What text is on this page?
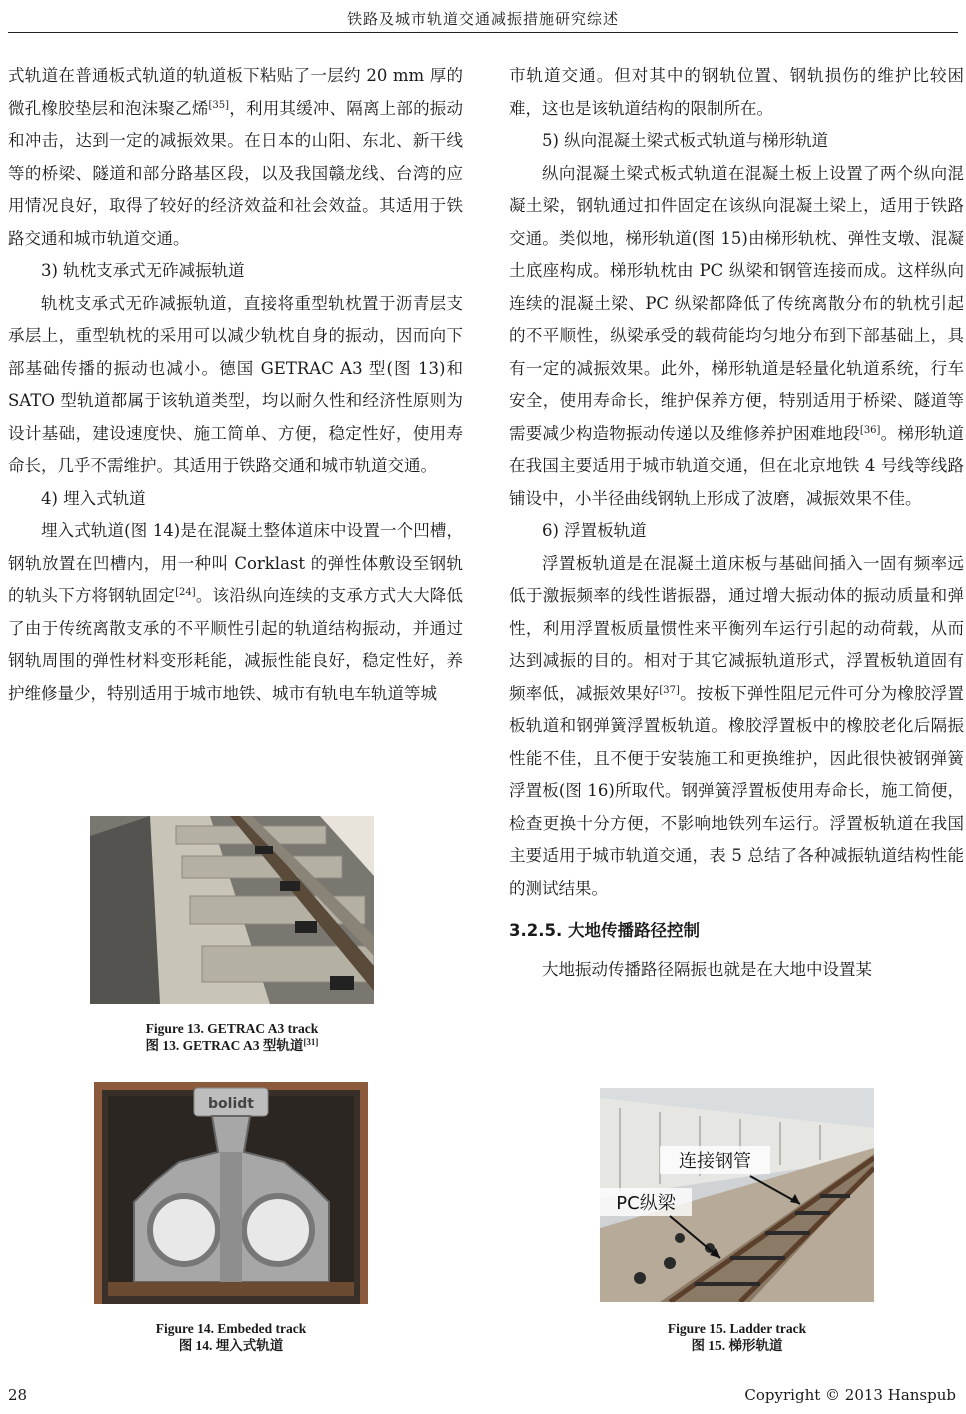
铁路及城市轨道交通减振措施研究综述

式轨道在普通板式轨道的轨道板下粘贴了一层约 20 mm 厚的微孔橡胶垫层和泡沫聚乙烯[35]，利用其缓冲、隔离上部的振动和冲击，达到一定的减振效果。在日本的山阳、东北、新干线等的桥梁、隧道和部分路基区段，以及我国赣龙线、台湾的应用情况良好，取得了较好的经济效益和社会效益。其适用于铁路交通和城市轨道交通。

3) 轨枕支承式无砟减振轨道

轨枕支承式无砟减振轨道，直接将重型轨枕置于沥青层支承层上，重型轨枕的采用可以减少轨枕自身的振动，因而向下部基础传播的振动也减小。德国 GETRAC A3 型(图 13)和 SATO 型轨道都属于该轨道类型，均以耐久性和经济性原则为设计基础，建设速度快、施工简单、方便，稳定性好，使用寿命长，几乎不需维护。其适用于铁路交通和城市轨道交通。

4) 埋入式轨道

埋入式轨道(图 14)是在混凝土整体道床中设置一个凹槽，钢轨放置在凹槽内，用一种叫 Corklast 的弹性体敷设至钢轨的轨头下方将钢轨固定[24]。该沿纵向连续的支承方式大大降低了由于传统离散支承的不平顺性引起的轨道结构振动，并通过钢轨周围的弹性材料变形耗能，减振性能良好，稳定性好，养护维修量少，特别适用于城市地铁、城市有轨电车轨道等城

市轨道交通。但对其中的钢轨位置、钢轨损伤的维护比较困难，这也是该轨道结构的限制所在。

5) 纵向混凝土梁式板式轨道与梯形轨道

纵向混凝土梁式板式轨道在混凝土板上设置了两个纵向混凝土梁，钢轨通过扣件固定在该纵向混凝土梁上，适用于铁路交通。类似地，梯形轨道(图 15)由梯形轨枕、弹性支墩、混凝土底座构成。梯形轨枕由 PC 纵梁和钢管连接而成。这样纵向连续的混凝土梁、PC 纵梁都降低了传统离散分布的轨枕引起的不平顺性，纵梁承受的载荷能均匀地分布到下部基础上，具有一定的减振效果。此外，梯形轨道是轻量化轨道系统，行车安全，使用寿命长，维护保养方便，特别适用于桥梁、隧道等需要减少构造物振动传递以及维修养护困难地段[36]。梯形轨道在我国主要适用于城市轨道交通，但在北京地铁 4 号线等线路铺设中，小半径曲线钢轨上形成了波磨，减振效果不佳。

6) 浮置板轨道

浮置板轨道是在混凝土道床板与基础间插入一固有频率远低于激振频率的线性谐振器，通过增大振动体的振动质量和弹性，利用浮置板质量惯性来平衡列车运行引起的动荷载，从而达到减振的目的。相对于其它减振轨道形式，浮置板轨道固有频率低，减振效果好[37]。按板下弹性阻尼元件可分为橡胶浮置板轨道和钢弹簧浮置板轨道。橡胶浮置板中的橡胶老化后隔振性能不佳，且不便于安装施工和更换维护，因此很快被钢弹簧浮置板(图 16)所取代。钢弹簧浮置板使用寿命长，施工简便，检查更换十分方便，不影响地铁列车运行。浮置板轨道在我国主要适用于城市轨道交通，表 5 总结了各种减振轨道结构性能的测试结果。

3.2.5. 大地传播路径控制

大地振动传播路径隔振也就是在大地中设置某

Figure 13. GETRAC A3 track
图 13. GETRAC A3 型轨道[31]
bolidt
Figure 14. Embeded track
图 14. 埋入式轨道
连接钢管
PC纵梁
Figure 15. Ladder track
图 15. 梯形轨道
28	Copyright © 2013 Hanspub
